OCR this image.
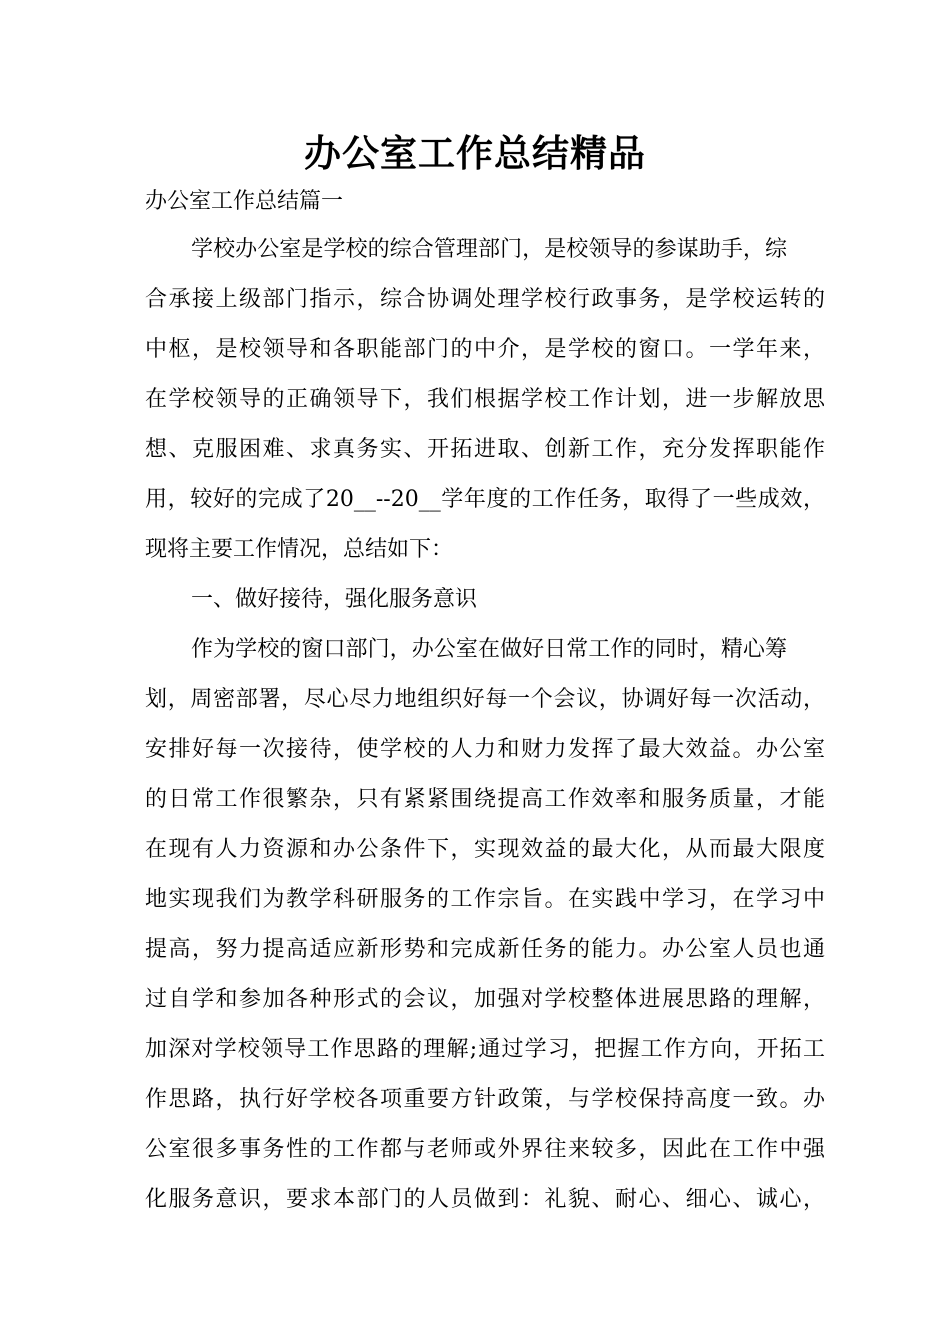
办公室工作总结精品
办公室工作总结篇一
学校办公室是学校的综合管理部门，是校领导的参谋助手，综
合承接上级部门指示，综合协调处理学校行政事务，是学校运转的
中枢，是校领导和各职能部门的中介，是学校的窗口。一学年来，
在学校领导的正确领导下，我们根据学校工作计划，进一步解放思
想、克服困难、求真务实、开拓进取、创新工作，充分发挥职能作
用，较好的完成了20__--20__学年度的工作任务，取得了一些成效，
现将主要工作情况，总结如下：
一、做好接待，强化服务意识
作为学校的窗口部门，办公室在做好日常工作的同时，精心筹
划，周密部署，尽心尽力地组织好每一个会议，协调好每一次活动，
安排好每一次接待，使学校的人力和财力发挥了最大效益。办公室
的日常工作很繁杂，只有紧紧围绕提高工作效率和服务质量，才能
在现有人力资源和办公条件下，实现效益的最大化，从而最大限度
地实现我们为教学科研服务的工作宗旨。在实践中学习，在学习中
提高，努力提高适应新形势和完成新任务的能力。办公室人员也通
过自学和参加各种形式的会议，加强对学校整体进展思路的理解，
加深对学校领导工作思路的理解;通过学习，把握工作方向，开拓工
作思路，执行好学校各项重要方针政策，与学校保持高度一致。办
公室很多事务性的工作都与老师或外界往来较多，因此在工作中强
化服务意识，要求本部门的人员做到：礼貌、耐心、细心、诚心，
